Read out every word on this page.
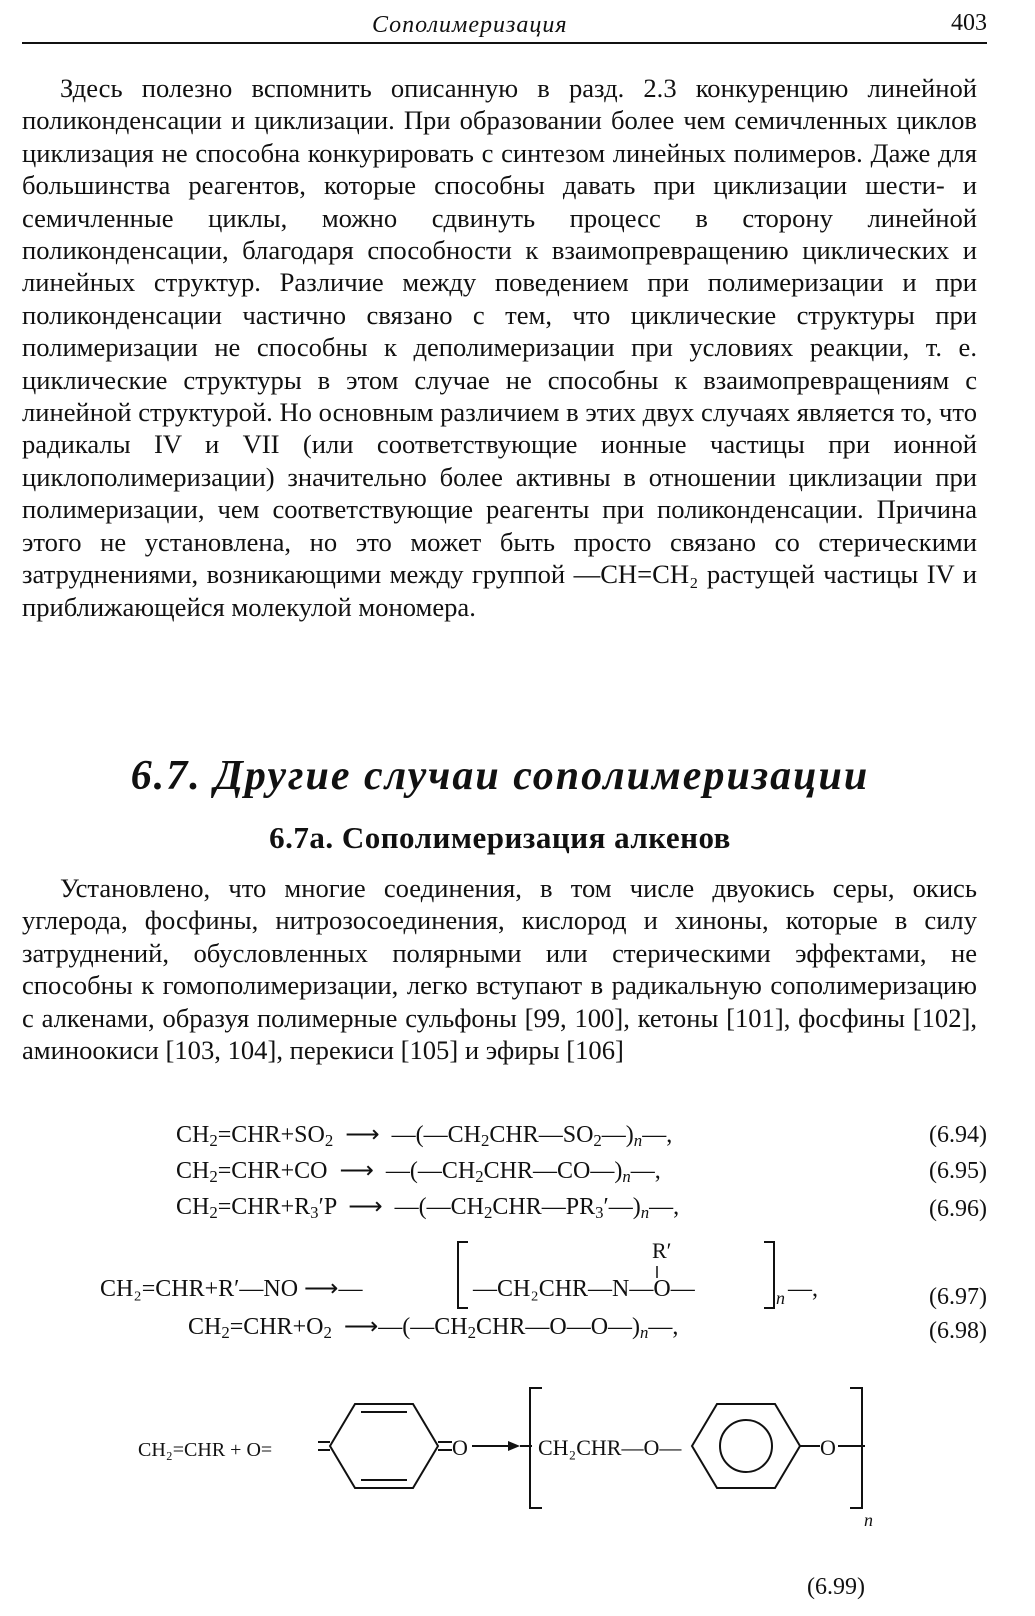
Сополимеризация	403
Здесь полезно вспомнить описанную в разд. 2.3 конкуренцию линейной поликонденсации и циклизации. При образовании более чем семичленных циклов циклизация не способна конкурировать с синтезом линейных полимеров. Даже для большинства реагентов, которые способны давать при циклизации шести- и семичленные циклы, можно сдвинуть процесс в сторону линейной поликонденсации, благодаря способности к взаимопревращению циклических и линейных структур. Различие между поведением при полимеризации и при поликонденсации частично связано с тем, что циклические структуры при полимеризации не способны к деполимеризации при условиях реакции, т. е. циклические структуры в этом случае не способны к взаимопревращениям с линейной структурой. Но основным различием в этих двух случаях является то, что радикалы IV и VII (или соответствующие ионные частицы при ионной циклополимеризации) значительно более активны в отношении циклизации при полимеризации, чем соответствующие реагенты при поликонденсации. Причина этого не установлена, но это может быть просто связано со стерическими затруднениями, возникающими между группой —CH=CH₂ растущей частицы IV и приближающейся молекулой мономера.
6.7. Другие случаи сополимеризации
6.7а. Сополимеризация алкенов
Установлено, что многие соединения, в том числе двуокись серы, окись углерода, фосфины, нитрозосоединения, кислород и хиноны, которые в силу затруднений, обусловленных полярными или стерическими эффектами, не способны к гомополимеризации, легко вступают в радикальную сополимеризацию с алкенами, образуя полимерные сульфоны [99, 100], кетоны [101], фосфины [102], аминоокиси [103, 104], перекиси [105] и эфиры [106]
$CH_2=CHR+SO_2$  ⟶  $—(—CH_2CHR—SO_2—)_n—$,	(6.94)
$CH_2=CHR+CO$  ⟶  $—(—CH_2CHR—CO—)_n—$,	(6.95)
$CH_2=CHR+R_3'P$  ⟶  $—(—CH_2CHR—PR_3'—)_n—$,	(6.96)
CH₂=CHR+R′—NO ⟶—	—CH₂CHR—N—O—
R′
n —,	(6.97)
$CH_2=CHR+O_2$  $⟶—(—CH_2CHR—O—O—)_n—$,	(6.98)
CH₂=CHR + O=	O	CH₂CHR—O—	O
n
(6.99)
